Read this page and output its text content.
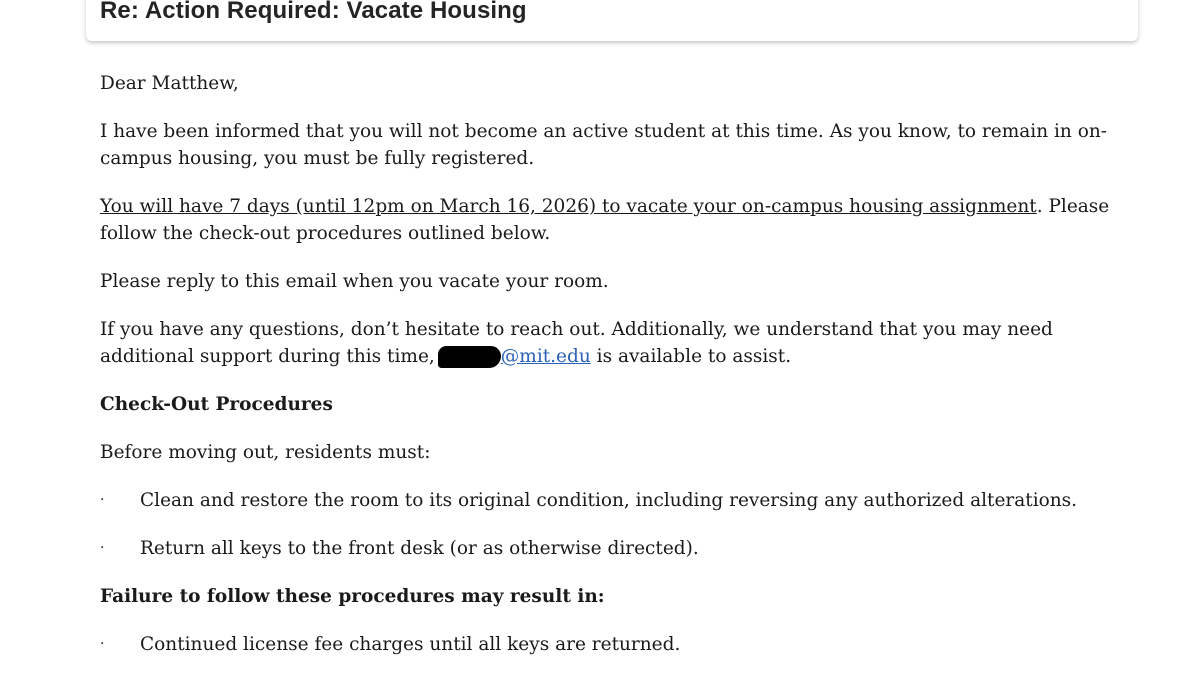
Re: Action Required: Vacate Housing

Dear Matthew,

I have been informed that you will not become an active student at this time. As you know, to remain in on-campus housing, you must be fully registered.

You will have 7 days (until 12pm on March 16, 2026) to vacate your on-campus housing assignment. Please follow the check-out procedures outlined below.

Please reply to this email when you vacate your room.

If you have any questions, don’t hesitate to reach out. Additionally, we understand that you may need additional support during this time,	@mit.edu is available to assist.

Check-Out Procedures

Before moving out, residents must:

· Clean and restore the room to its original condition, including reversing any authorized alterations.
· Return all keys to the front desk (or as otherwise directed).

Failure to follow these procedures may result in:

· Continued license fee charges until all keys are returned.
